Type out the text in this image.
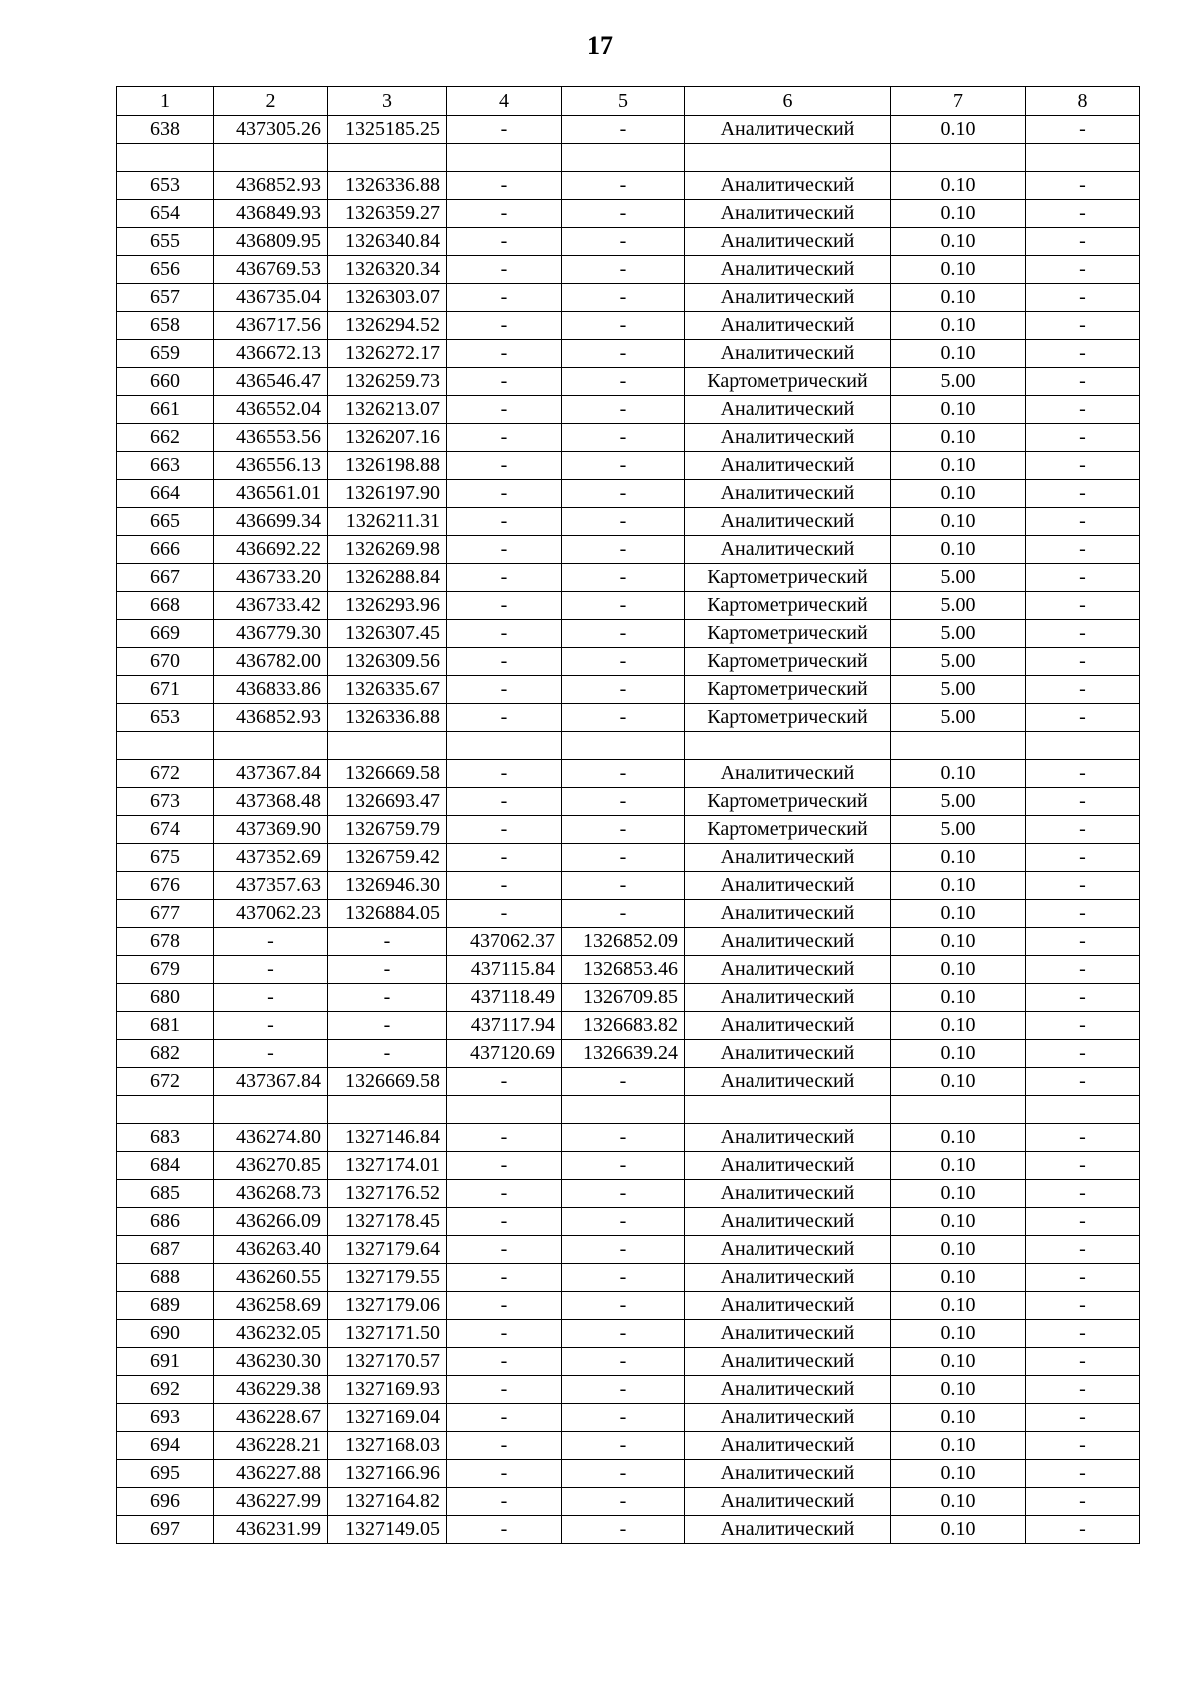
17
1	2	3	4	5	6	7	8
638	437305.26	1325185.25	-	-	Аналитический	0.10	-

653	436852.93	1326336.88	-	-	Аналитический	0.10	-
654	436849.93	1326359.27	-	-	Аналитический	0.10	-
655	436809.95	1326340.84	-	-	Аналитический	0.10	-
656	436769.53	1326320.34	-	-	Аналитический	0.10	-
657	436735.04	1326303.07	-	-	Аналитический	0.10	-
658	436717.56	1326294.52	-	-	Аналитический	0.10	-
659	436672.13	1326272.17	-	-	Аналитический	0.10	-
660	436546.47	1326259.73	-	-	Картометрический	5.00	-
661	436552.04	1326213.07	-	-	Аналитический	0.10	-
662	436553.56	1326207.16	-	-	Аналитический	0.10	-
663	436556.13	1326198.88	-	-	Аналитический	0.10	-
664	436561.01	1326197.90	-	-	Аналитический	0.10	-
665	436699.34	1326211.31	-	-	Аналитический	0.10	-
666	436692.22	1326269.98	-	-	Аналитический	0.10	-
667	436733.20	1326288.84	-	-	Картометрический	5.00	-
668	436733.42	1326293.96	-	-	Картометрический	5.00	-
669	436779.30	1326307.45	-	-	Картометрический	5.00	-
670	436782.00	1326309.56	-	-	Картометрический	5.00	-
671	436833.86	1326335.67	-	-	Картометрический	5.00	-
653	436852.93	1326336.88	-	-	Картометрический	5.00	-

672	437367.84	1326669.58	-	-	Аналитический	0.10	-
673	437368.48	1326693.47	-	-	Картометрический	5.00	-
674	437369.90	1326759.79	-	-	Картометрический	5.00	-
675	437352.69	1326759.42	-	-	Аналитический	0.10	-
676	437357.63	1326946.30	-	-	Аналитический	0.10	-
677	437062.23	1326884.05	-	-	Аналитический	0.10	-
678	-	-	437062.37	1326852.09	Аналитический	0.10	-
679	-	-	437115.84	1326853.46	Аналитический	0.10	-
680	-	-	437118.49	1326709.85	Аналитический	0.10	-
681	-	-	437117.94	1326683.82	Аналитический	0.10	-
682	-	-	437120.69	1326639.24	Аналитический	0.10	-
672	437367.84	1326669.58	-	-	Аналитический	0.10	-

683	436274.80	1327146.84	-	-	Аналитический	0.10	-
684	436270.85	1327174.01	-	-	Аналитический	0.10	-
685	436268.73	1327176.52	-	-	Аналитический	0.10	-
686	436266.09	1327178.45	-	-	Аналитический	0.10	-
687	436263.40	1327179.64	-	-	Аналитический	0.10	-
688	436260.55	1327179.55	-	-	Аналитический	0.10	-
689	436258.69	1327179.06	-	-	Аналитический	0.10	-
690	436232.05	1327171.50	-	-	Аналитический	0.10	-
691	436230.30	1327170.57	-	-	Аналитический	0.10	-
692	436229.38	1327169.93	-	-	Аналитический	0.10	-
693	436228.67	1327169.04	-	-	Аналитический	0.10	-
694	436228.21	1327168.03	-	-	Аналитический	0.10	-
695	436227.88	1327166.96	-	-	Аналитический	0.10	-
696	436227.99	1327164.82	-	-	Аналитический	0.10	-
697	436231.99	1327149.05	-	-	Аналитический	0.10	-
